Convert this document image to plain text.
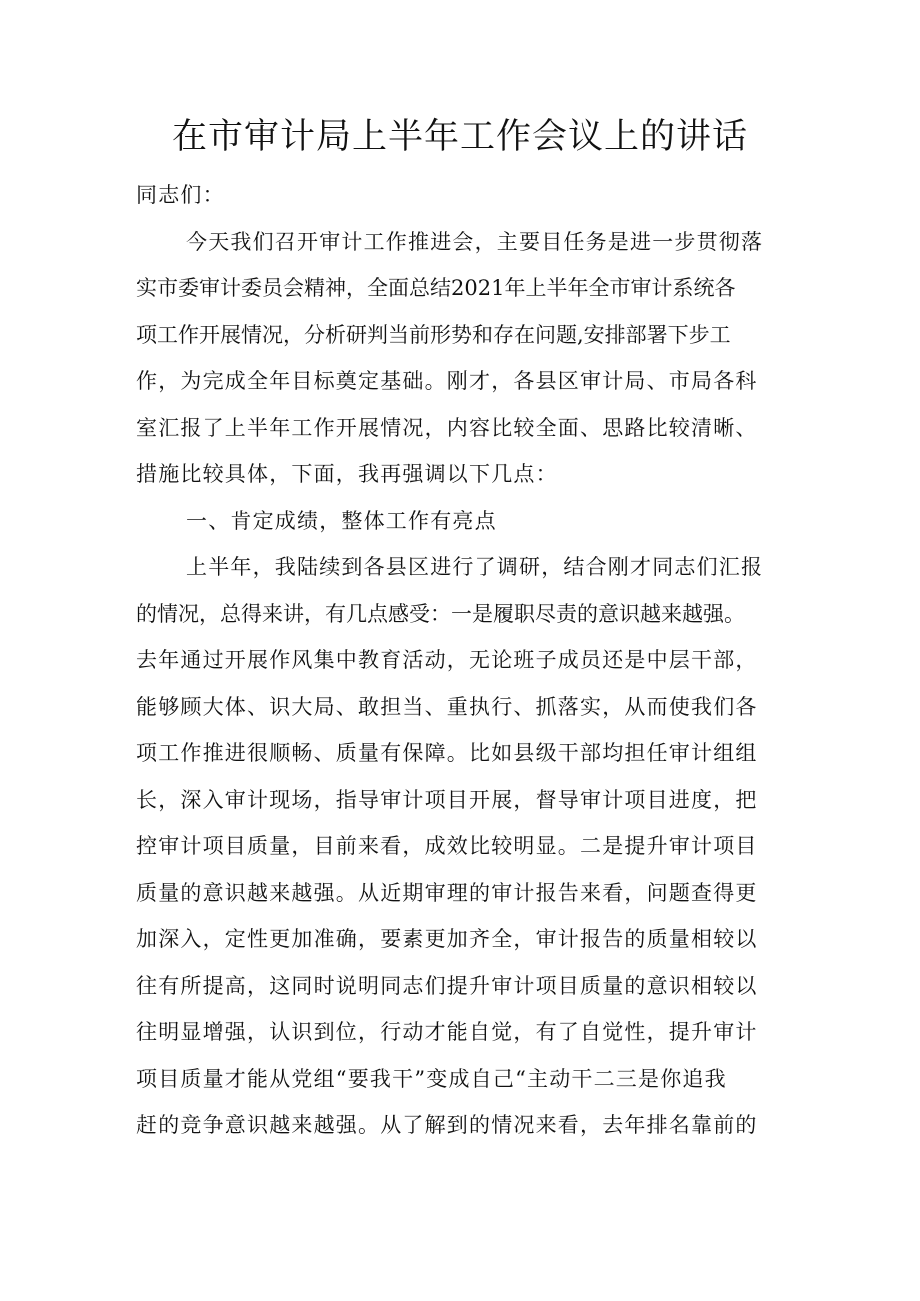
在市审计局上半年工作会议上的讲话

同志们：

今天我们召开审计工作推进会，主要目任务是进一步贯彻落

实市委审计委员会精神，全面总结2021年上半年全市审计系统各

项工作开展情况，分析研判当前形势和存在问题,安排部署下步工

作，为完成全年目标奠定基础。刚才，各县区审计局、市局各科

室汇报了上半年工作开展情况，内容比较全面、思路比较清晰、

措施比较具体，下面，我再强调以下几点：

一、肯定成绩，整体工作有亮点

上半年，我陆续到各县区进行了调研，结合刚才同志们汇报

的情况，总得来讲，有几点感受：一是履职尽责的意识越来越强。

去年通过开展作风集中教育活动，无论班子成员还是中层干部，

能够顾大体、识大局、敢担当、重执行、抓落实，从而使我们各

项工作推进很顺畅、质量有保障。比如县级干部均担任审计组组

长，深入审计现场，指导审计项目开展，督导审计项目进度，把

控审计项目质量，目前来看，成效比较明显。二是提升审计项目

质量的意识越来越强。从近期审理的审计报告来看，问题查得更

加深入，定性更加准确，要素更加齐全，审计报告的质量相较以

往有所提高，这同时说明同志们提升审计项目质量的意识相较以

往明显增强，认识到位，行动才能自觉，有了自觉性，提升审计

项目质量才能从党组“要我干”变成自己“主动干二三是你追我

赶的竞争意识越来越强。从了解到的情况来看，去年排名靠前的
